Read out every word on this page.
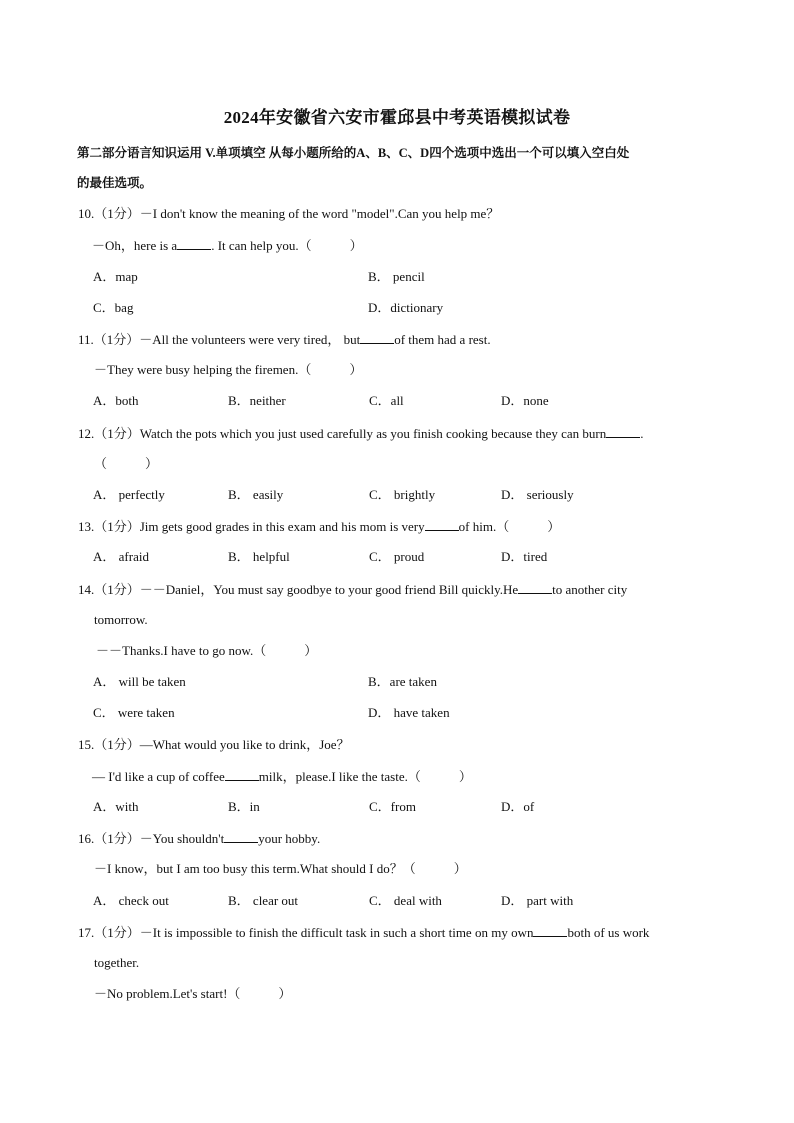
2024年安徽省六安市霍邱县中考英语模拟试卷
第二部分语言知识运用 V.单项填空 从每小题所给的A、B、C、D四个选项中选出一个可以填入空白处
的最佳选项。
10.（1分）－I don't know the meaning of the word "model".Can you help me？
－Oh，here is a	. It can help you.（	）
A．map	B． pencil
C．bag	D．dictionary
11.（1分）－All the volunteers were very tired， but	of them had a rest.
－They were busy helping the firemen.（	）
A．both	B．neither	C．all	D．none
12.（1分）Watch the pots which you just used carefully as you finish cooking because they can burn	.
（	）
A． perfectly	B． easily	C． brightly	D． seriously
13.（1分）Jim gets good grades in this exam and his mom is very	of him.（	）
A． afraid	B． helpful	C． proud	D．tired
14.（1分）－－Daniel，You must say goodbye to your good friend Bill quickly.He	to another city
tomorrow.
－－Thanks.I have to go now.（	）
A． will be taken	B．are taken
C． were taken	D． have taken
15.（1分）—What would you like to drink，Joe？
— I'd like a cup of coffee	milk，please.I like the taste.（	）
A．with	B．in	C．from	D．of
16.（1分）－You shouldn't	your hobby.
－I know，but I am too busy this term.What should I do？（	）
A． check out	B． clear out	C． deal with	D． part with
17.（1分）－It is impossible to finish the difficult task in such a short time on my own	both of us work
together.
－No problem.Let's start!（	）
